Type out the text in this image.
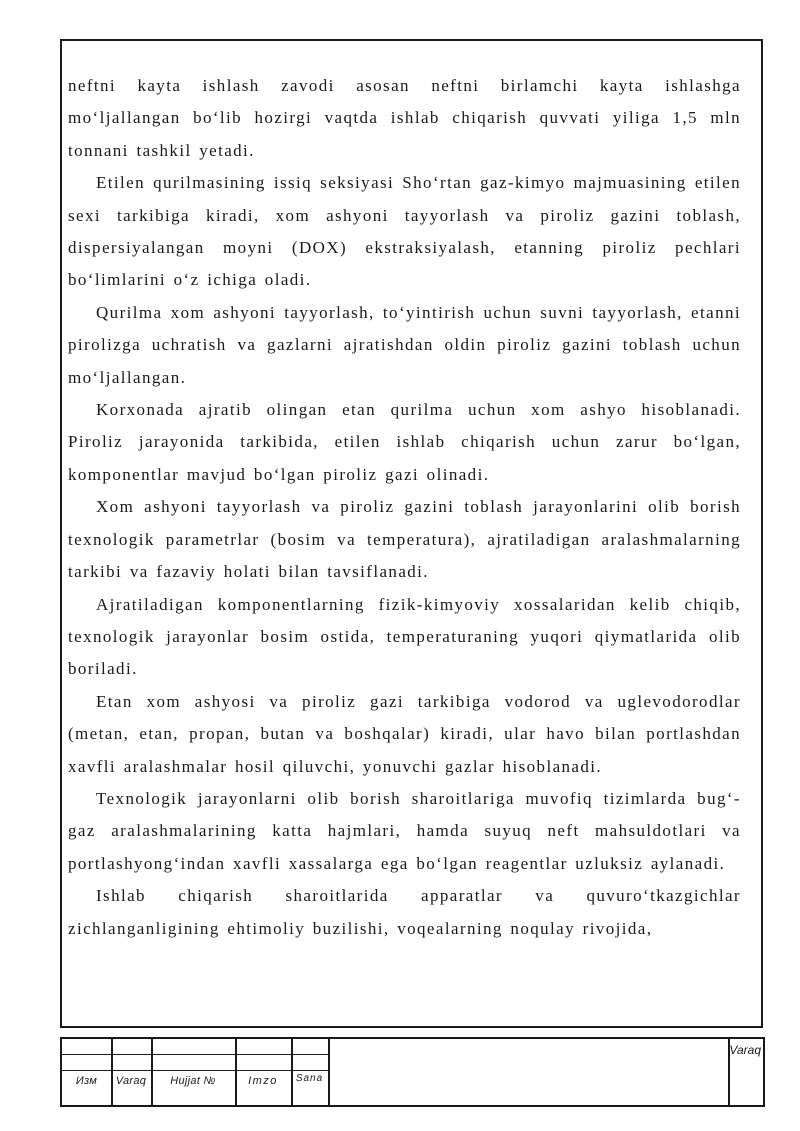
neftni kayta ishlash zavodi asosan neftni birlamchi kayta ishlashga mo‘ljallangan bo‘lib hozirgi vaqtda ishlab chiqarish quvvati yiliga 1,5 mln tonnani tashkil yetadi.

Etilen qurilmasining issiq seksiyasi Sho‘rtan gaz-kimyo majmuasining etilen sexi tarkibiga kiradi, xom ashyoni tayyorlash va piroliz gazini toblash, dispersiyalangan moyni (DOX) ekstraksiyalash, etanning piroliz pechlari bo‘limlarini o‘z ichiga oladi.

Qurilma xom ashyoni tayyorlash, to‘yintirish uchun suvni tayyorlash, etanni pirolizga uchratish va gazlarni ajratishdan oldin piroliz gazini toblash uchun mo‘ljallangan.

Korxonada ajratib olingan etan qurilma uchun xom ashyo hisoblanadi. Piroliz jarayonida tarkibida, etilen ishlab chiqarish uchun zarur bo‘lgan, komponentlar mavjud bo‘lgan piroliz gazi olinadi.

Xom ashyoni tayyorlash va piroliz gazini toblash jarayonlarini olib borish texnologik parametrlar (bosim va temperatura), ajratiladigan aralashmalarning tarkibi va fazaviy holati bilan tavsiflanadi.

Ajratiladigan komponentlarning fizik-kimyoviy xossalaridan kelib chiqib, texnologik jarayonlar bosim ostida, temperaturaning yuqori qiymatlarida olib boriladi.

Etan xom ashyosi va piroliz gazi tarkibiga vodorod va uglevodorodlar (metan, etan, propan, butan va boshqalar) kiradi, ular havo bilan portlashdan xavfli aralashmalar hosil qiluvchi, yonuvchi gazlar hisoblanadi.

Texnologik jarayonlarni olib borish sharoitlariga muvofiq tizimlarda bug‘-gaz aralashmalarining katta hajmlari, hamda suyuq neft mahsuldotlari va portlashyong‘indan xavfli xassalarga ega bo‘lgan reagentlar uzluksiz aylanadi.

Ishlab chiqarish sharoitlarida apparatlar va quvuro‘tkazgichlar zichlanganligining ehtimoliy buzilishi, voqealarning noqulay rivojida,

Изм	Varaq	Hujjat №	Imzo	Sana
Varaq
